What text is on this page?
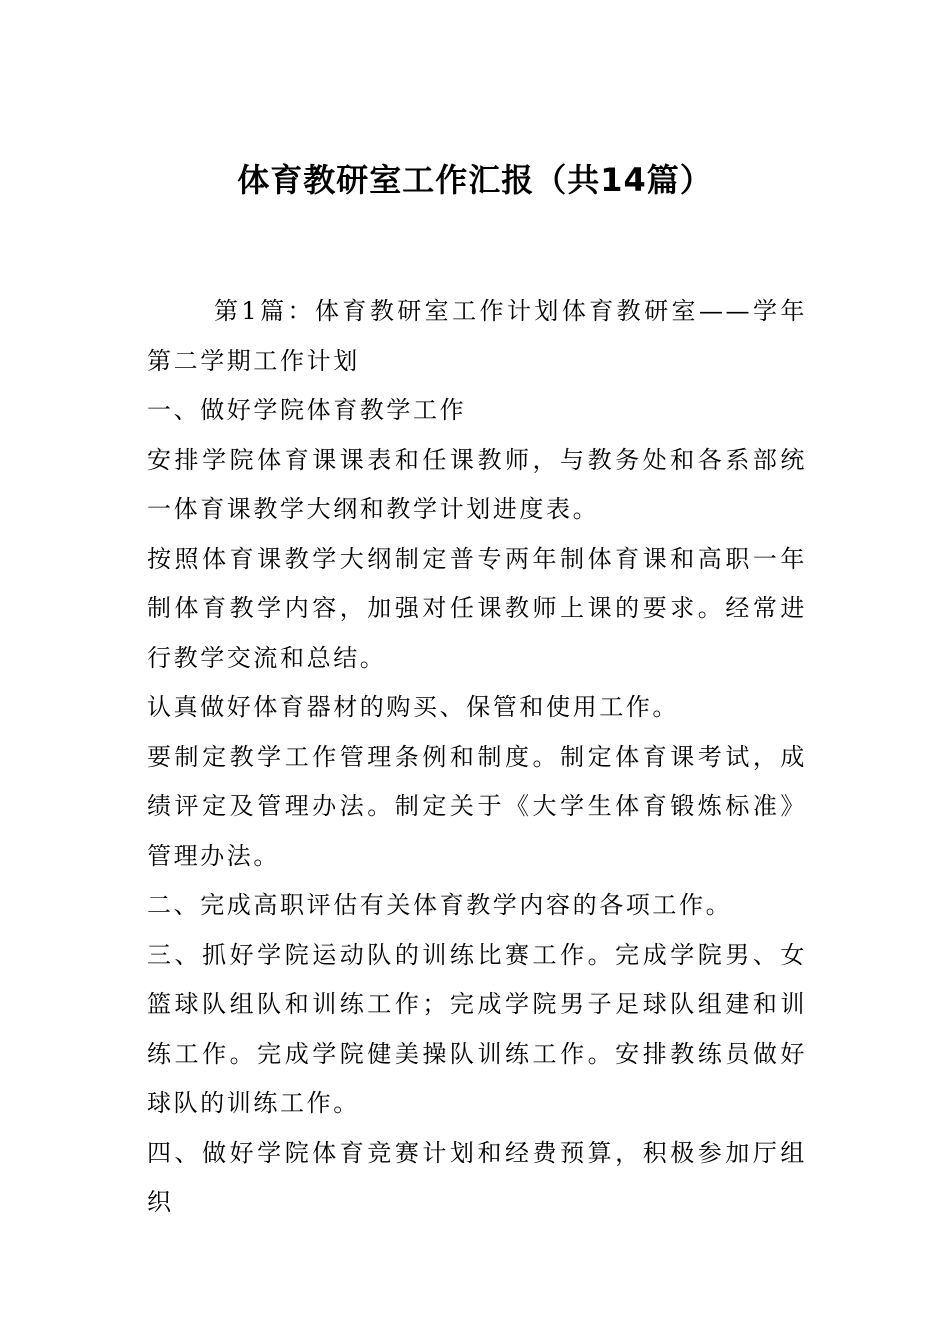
体育教研室工作汇报（共14篇）

第1篇：体育教研室工作计划体育教研室——学年第二学期工作计划

一、做好学院体育教学工作

安排学院体育课课表和任课教师，与教务处和各系部统一体育课教学大纲和教学计划进度表。

按照体育课教学大纲制定普专两年制体育课和高职一年制体育教学内容，加强对任课教师上课的要求。经常进行教学交流和总结。

认真做好体育器材的购买、保管和使用工作。

要制定教学工作管理条例和制度。制定体育课考试，成绩评定及管理办法。制定关于《大学生体育锻炼标准》管理办法。

二、完成高职评估有关体育教学内容的各项工作。

三、抓好学院运动队的训练比赛工作。完成学院男、女篮球队组队和训练工作；完成学院男子足球队组建和训练工作。完成学院健美操队训练工作。安排教练员做好球队的训练工作。

四、做好学院体育竞赛计划和经费预算，积极参加厅组织
